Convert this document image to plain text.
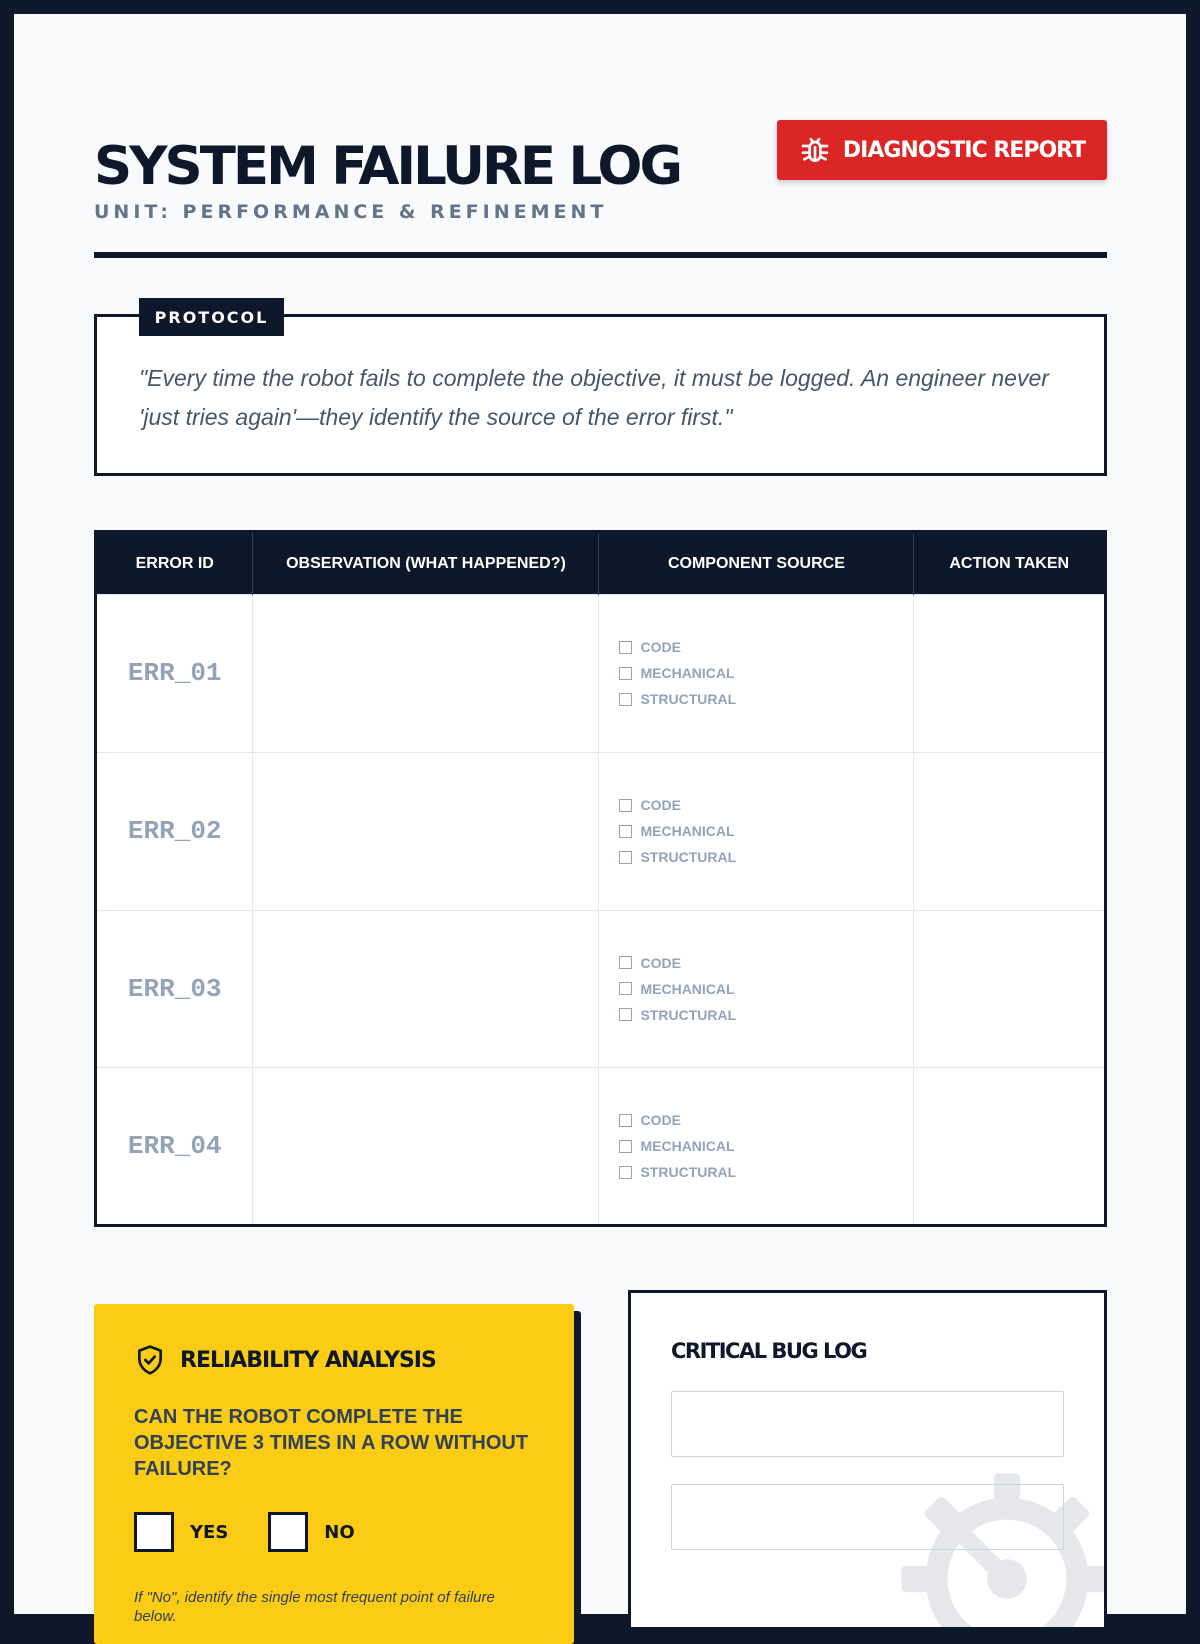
SYSTEM FAILURE LOG
UNIT: PERFORMANCE & REFINEMENT
DIAGNOSTIC REPORT
PROTOCOL
"Every time the robot fails to complete the objective, it must be logged. An engineer never 'just tries again'—they identify the source of the error first."
ERROR ID	OBSERVATION (WHAT HAPPENED?)	COMPONENT SOURCE	ACTION TAKEN
ERR_01		CODE
MECHANICAL
STRUCTURAL	

ERR_02		CODE
MECHANICAL
STRUCTURAL	

ERR_03		CODE
MECHANICAL
STRUCTURAL	

ERR_04		CODE
MECHANICAL
STRUCTURAL	

RELIABILITY ANALYSIS
CAN THE ROBOT COMPLETE THE OBJECTIVE 3 TIMES IN A ROW WITHOUT FAILURE?
YES	NO
If "No", identify the single most frequent point of failure below.
CRITICAL BUG LOG
